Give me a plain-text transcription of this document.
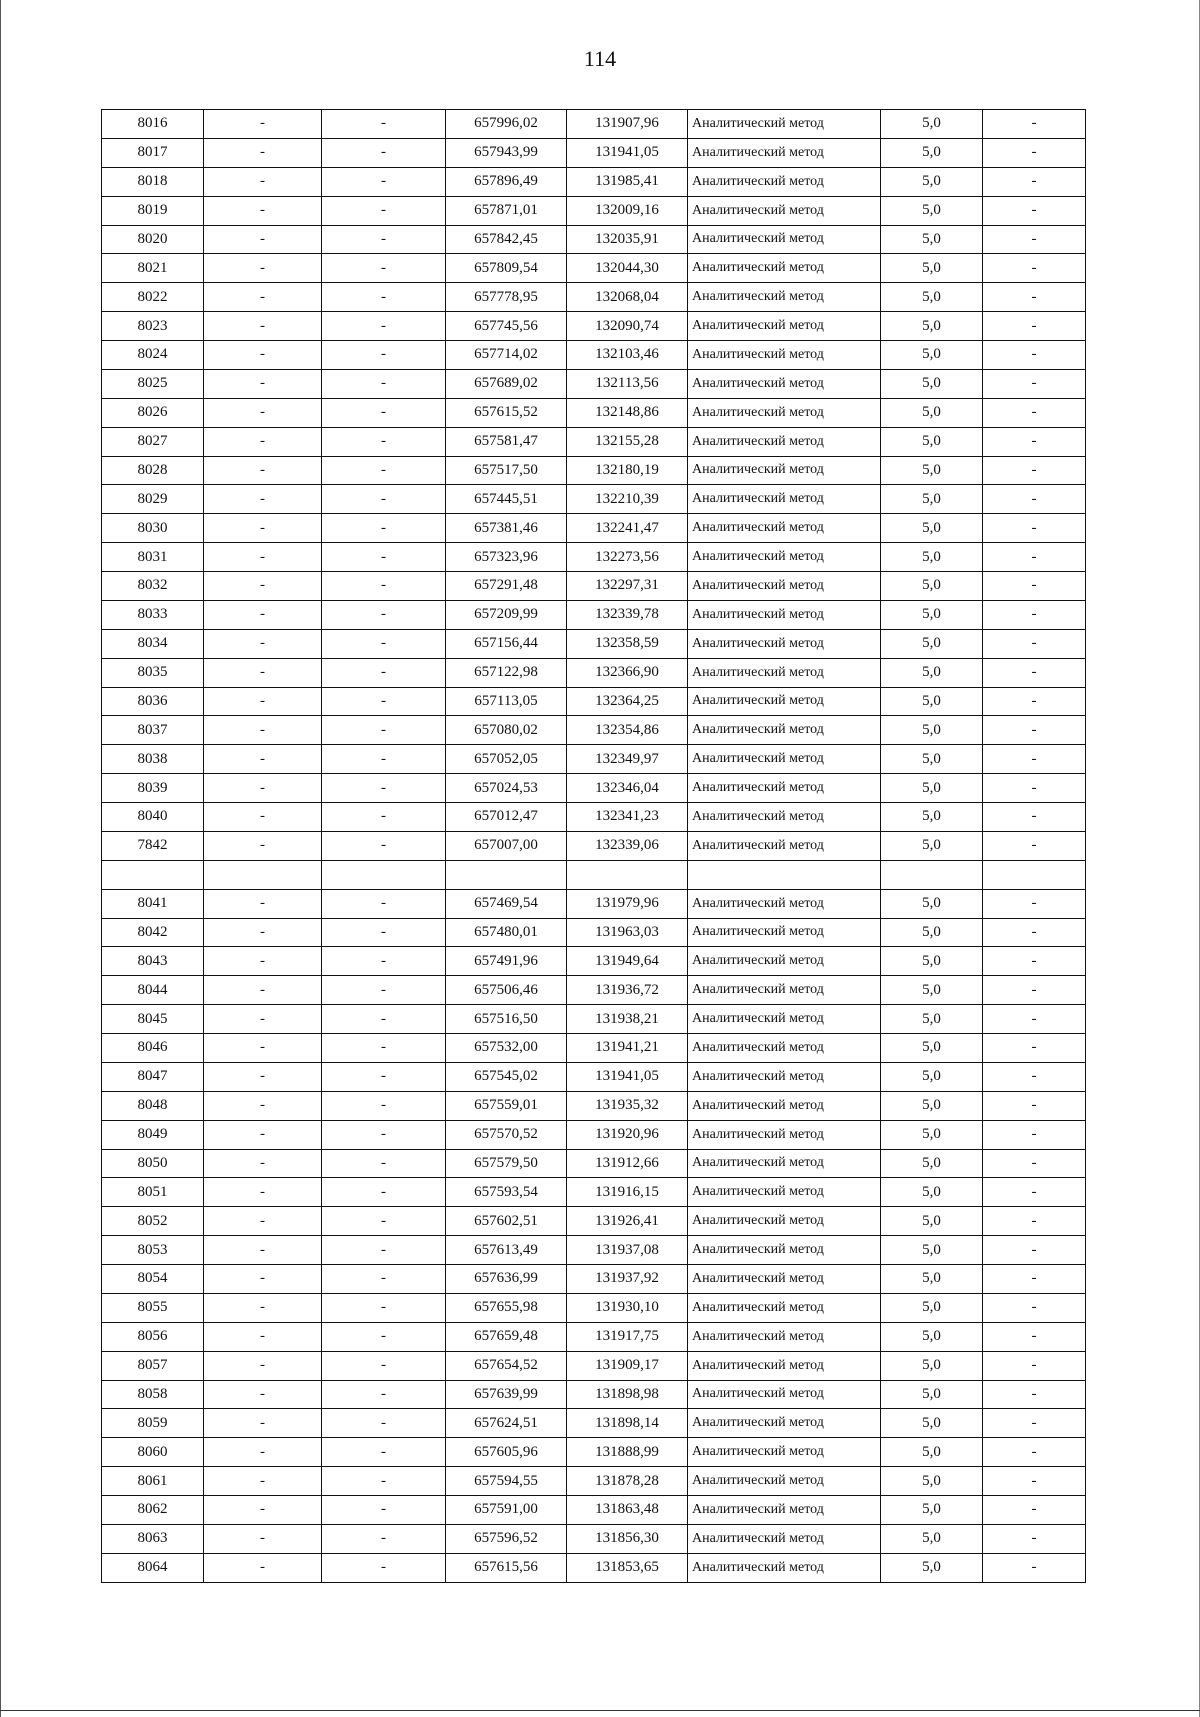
114
8016	-	-	657996,02	131907,96	Аналитический метод	5,0	-
8017	-	-	657943,99	131941,05	Аналитический метод	5,0	-
8018	-	-	657896,49	131985,41	Аналитический метод	5,0	-
8019	-	-	657871,01	132009,16	Аналитический метод	5,0	-
8020	-	-	657842,45	132035,91	Аналитический метод	5,0	-
8021	-	-	657809,54	132044,30	Аналитический метод	5,0	-
8022	-	-	657778,95	132068,04	Аналитический метод	5,0	-
8023	-	-	657745,56	132090,74	Аналитический метод	5,0	-
8024	-	-	657714,02	132103,46	Аналитический метод	5,0	-
8025	-	-	657689,02	132113,56	Аналитический метод	5,0	-
8026	-	-	657615,52	132148,86	Аналитический метод	5,0	-
8027	-	-	657581,47	132155,28	Аналитический метод	5,0	-
8028	-	-	657517,50	132180,19	Аналитический метод	5,0	-
8029	-	-	657445,51	132210,39	Аналитический метод	5,0	-
8030	-	-	657381,46	132241,47	Аналитический метод	5,0	-
8031	-	-	657323,96	132273,56	Аналитический метод	5,0	-
8032	-	-	657291,48	132297,31	Аналитический метод	5,0	-
8033	-	-	657209,99	132339,78	Аналитический метод	5,0	-
8034	-	-	657156,44	132358,59	Аналитический метод	5,0	-
8035	-	-	657122,98	132366,90	Аналитический метод	5,0	-
8036	-	-	657113,05	132364,25	Аналитический метод	5,0	-
8037	-	-	657080,02	132354,86	Аналитический метод	5,0	-
8038	-	-	657052,05	132349,97	Аналитический метод	5,0	-
8039	-	-	657024,53	132346,04	Аналитический метод	5,0	-
8040	-	-	657012,47	132341,23	Аналитический метод	5,0	-
7842	-	-	657007,00	132339,06	Аналитический метод	5,0	-

8041	-	-	657469,54	131979,96	Аналитический метод	5,0	-
8042	-	-	657480,01	131963,03	Аналитический метод	5,0	-
8043	-	-	657491,96	131949,64	Аналитический метод	5,0	-
8044	-	-	657506,46	131936,72	Аналитический метод	5,0	-
8045	-	-	657516,50	131938,21	Аналитический метод	5,0	-
8046	-	-	657532,00	131941,21	Аналитический метод	5,0	-
8047	-	-	657545,02	131941,05	Аналитический метод	5,0	-
8048	-	-	657559,01	131935,32	Аналитический метод	5,0	-
8049	-	-	657570,52	131920,96	Аналитический метод	5,0	-
8050	-	-	657579,50	131912,66	Аналитический метод	5,0	-
8051	-	-	657593,54	131916,15	Аналитический метод	5,0	-
8052	-	-	657602,51	131926,41	Аналитический метод	5,0	-
8053	-	-	657613,49	131937,08	Аналитический метод	5,0	-
8054	-	-	657636,99	131937,92	Аналитический метод	5,0	-
8055	-	-	657655,98	131930,10	Аналитический метод	5,0	-
8056	-	-	657659,48	131917,75	Аналитический метод	5,0	-
8057	-	-	657654,52	131909,17	Аналитический метод	5,0	-
8058	-	-	657639,99	131898,98	Аналитический метод	5,0	-
8059	-	-	657624,51	131898,14	Аналитический метод	5,0	-
8060	-	-	657605,96	131888,99	Аналитический метод	5,0	-
8061	-	-	657594,55	131878,28	Аналитический метод	5,0	-
8062	-	-	657591,00	131863,48	Аналитический метод	5,0	-
8063	-	-	657596,52	131856,30	Аналитический метод	5,0	-
8064	-	-	657615,56	131853,65	Аналитический метод	5,0	-
